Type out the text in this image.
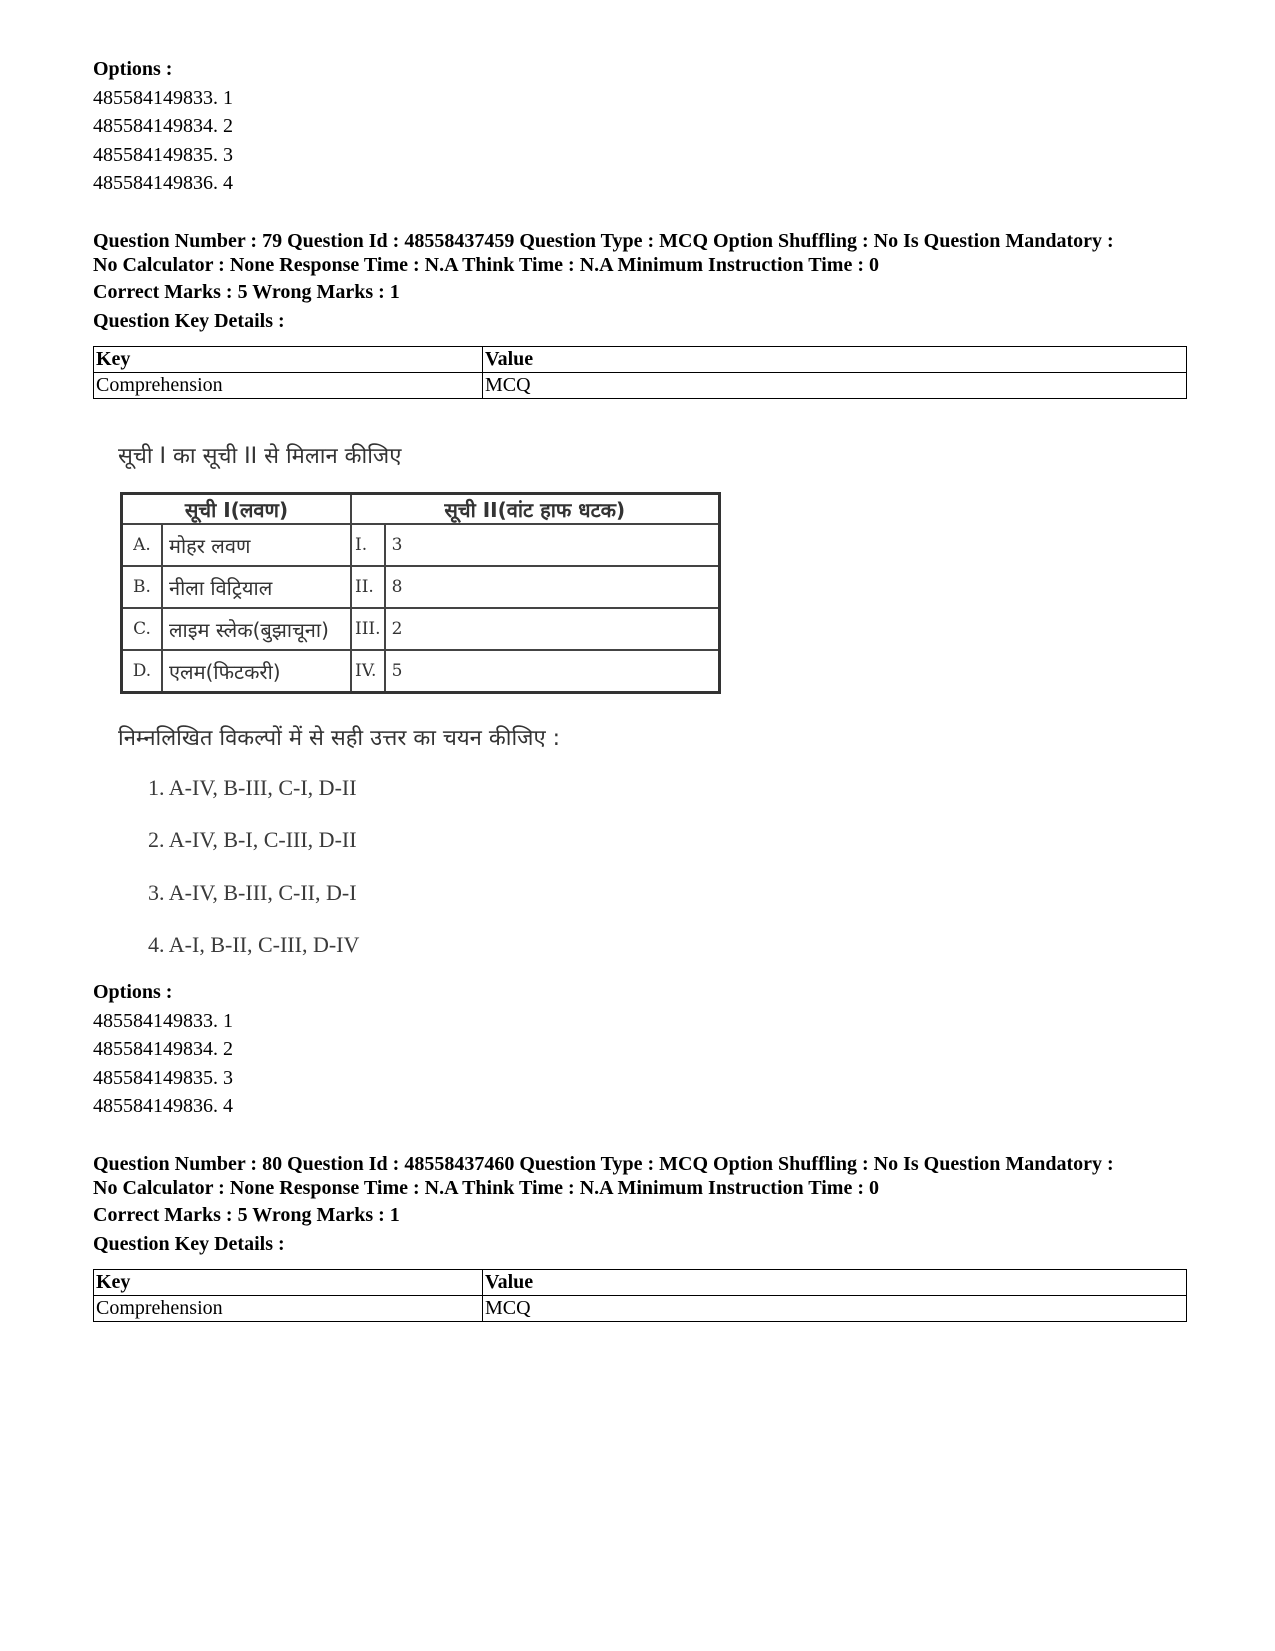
Options :
485584149833. 1
485584149834. 2
485584149835. 3
485584149836. 4
Question Number : 79 Question Id : 48558437459 Question Type : MCQ Option Shuffling : No Is Question Mandatory :
No Calculator : None Response Time : N.A Think Time : N.A Minimum Instruction Time : 0
Correct Marks : 5 Wrong Marks : 1
Question Key Details :
Key	Value
Comprehension	MCQ
सूची I का सूची II से मिलान कीजिए
सूची I(लवण)		सूची II(वांट हाफ धटक)	
A.	मोहर लवण	I.	3
B.	नीला विट्रियाल	II.	8
C.	लाइम स्लेक(बुझाचूना)	III.	2
D.	एलम(फिटकरी)	IV.	5
निम्नलिखित विकल्पों में से सही उत्तर का चयन कीजिए :
1. A-IV, B-III, C-I, D-II
2. A-IV, B-I, C-III, D-II
3. A-IV, B-III, C-II, D-I
4. A-I, B-II, C-III, D-IV
Options :
485584149833. 1
485584149834. 2
485584149835. 3
485584149836. 4
Question Number : 80 Question Id : 48558437460 Question Type : MCQ Option Shuffling : No Is Question Mandatory :
No Calculator : None Response Time : N.A Think Time : N.A Minimum Instruction Time : 0
Correct Marks : 5 Wrong Marks : 1
Question Key Details :
Key	Value
Comprehension	MCQ
